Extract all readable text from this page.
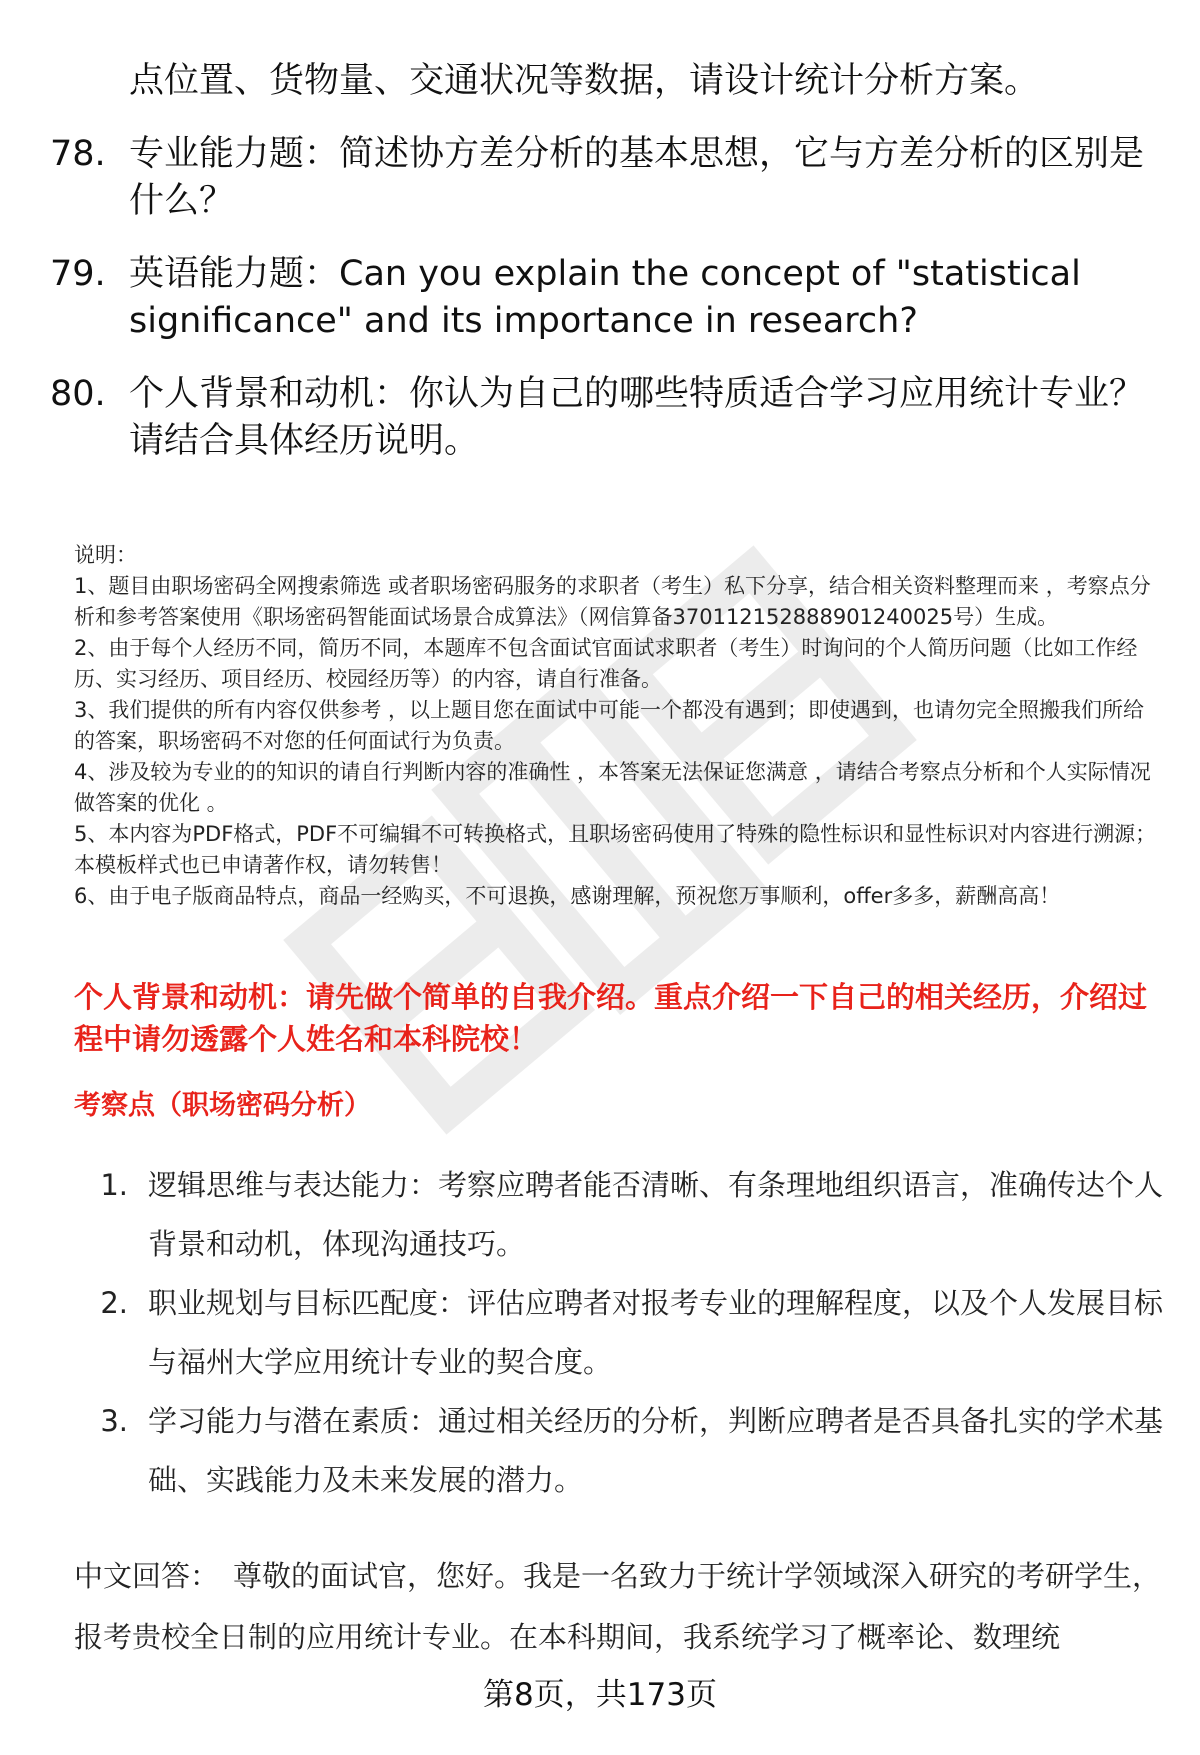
点位置、货物量、交通状况等数据，请设计统计分析方案。
78. 专业能力题：简述协方差分析的基本思想，它与方差分析的区别是什么？
79. 英语能力题：Can you explain the concept of "statistical significance" and its importance in research?
80. 个人背景和动机：你认为自己的哪些特质适合学习应用统计专业？请结合具体经历说明。

说明：

1、题目由职场密码全网搜索筛选 或者职场密码服务的求职者（考生）私下分享，结合相关资料整理而来 ，考察点分析和参考答案使用《职场密码智能面试场景合成算法》（网信算备370112152888901240025号）生成。

2、由于每个人经历不同，简历不同，本题库不包含面试官面试求职者（考生）时询问的个人简历问题（比如工作经历、实习经历、项目经历、校园经历等）的内容，请自行准备。

3、我们提供的所有内容仅供参考 ，以上题目您在面试中可能一个都没有遇到；即使遇到，也请勿完全照搬我们所给的答案，职场密码不对您的任何面试行为负责。

4、涉及较为专业的的知识的请自行判断内容的准确性 ，本答案无法保证您满意 ，请结合考察点分析和个人实际情况做答案的优化 。

5、本内容为PDF格式，PDF不可编辑不可转换格式，且职场密码使用了特殊的隐性标识和显性标识对内容进行溯源；本模板样式也已申请著作权，请勿转售！

6、由于电子版商品特点，商品一经购买，不可退换，感谢理解，预祝您万事顺利，offer多多，薪酬高高！

个人背景和动机：请先做个简单的自我介绍。重点介绍一下自己的相关经历，介绍过程中请勿透露个人姓名和本科院校！
考察点（职场密码分析）
1. 逻辑思维与表达能力：考察应聘者能否清晰、有条理地组织语言，准确传达个人背景和动机，体现沟通技巧。
2. 职业规划与目标匹配度：评估应聘者对报考专业的理解程度，以及个人发展目标与福州大学应用统计专业的契合度。
3. 学习能力与潜在素质：通过相关经历的分析，判断应聘者是否具备扎实的学术基础、实践能力及未来发展的潜力。
中文回答： 尊敬的面试官，您好。我是一名致力于统计学领域深入研究的考研学生，报考贵校全日制的应用统计专业。在本科期间，我系统学习了概率论、数理统
第8页，共173页
